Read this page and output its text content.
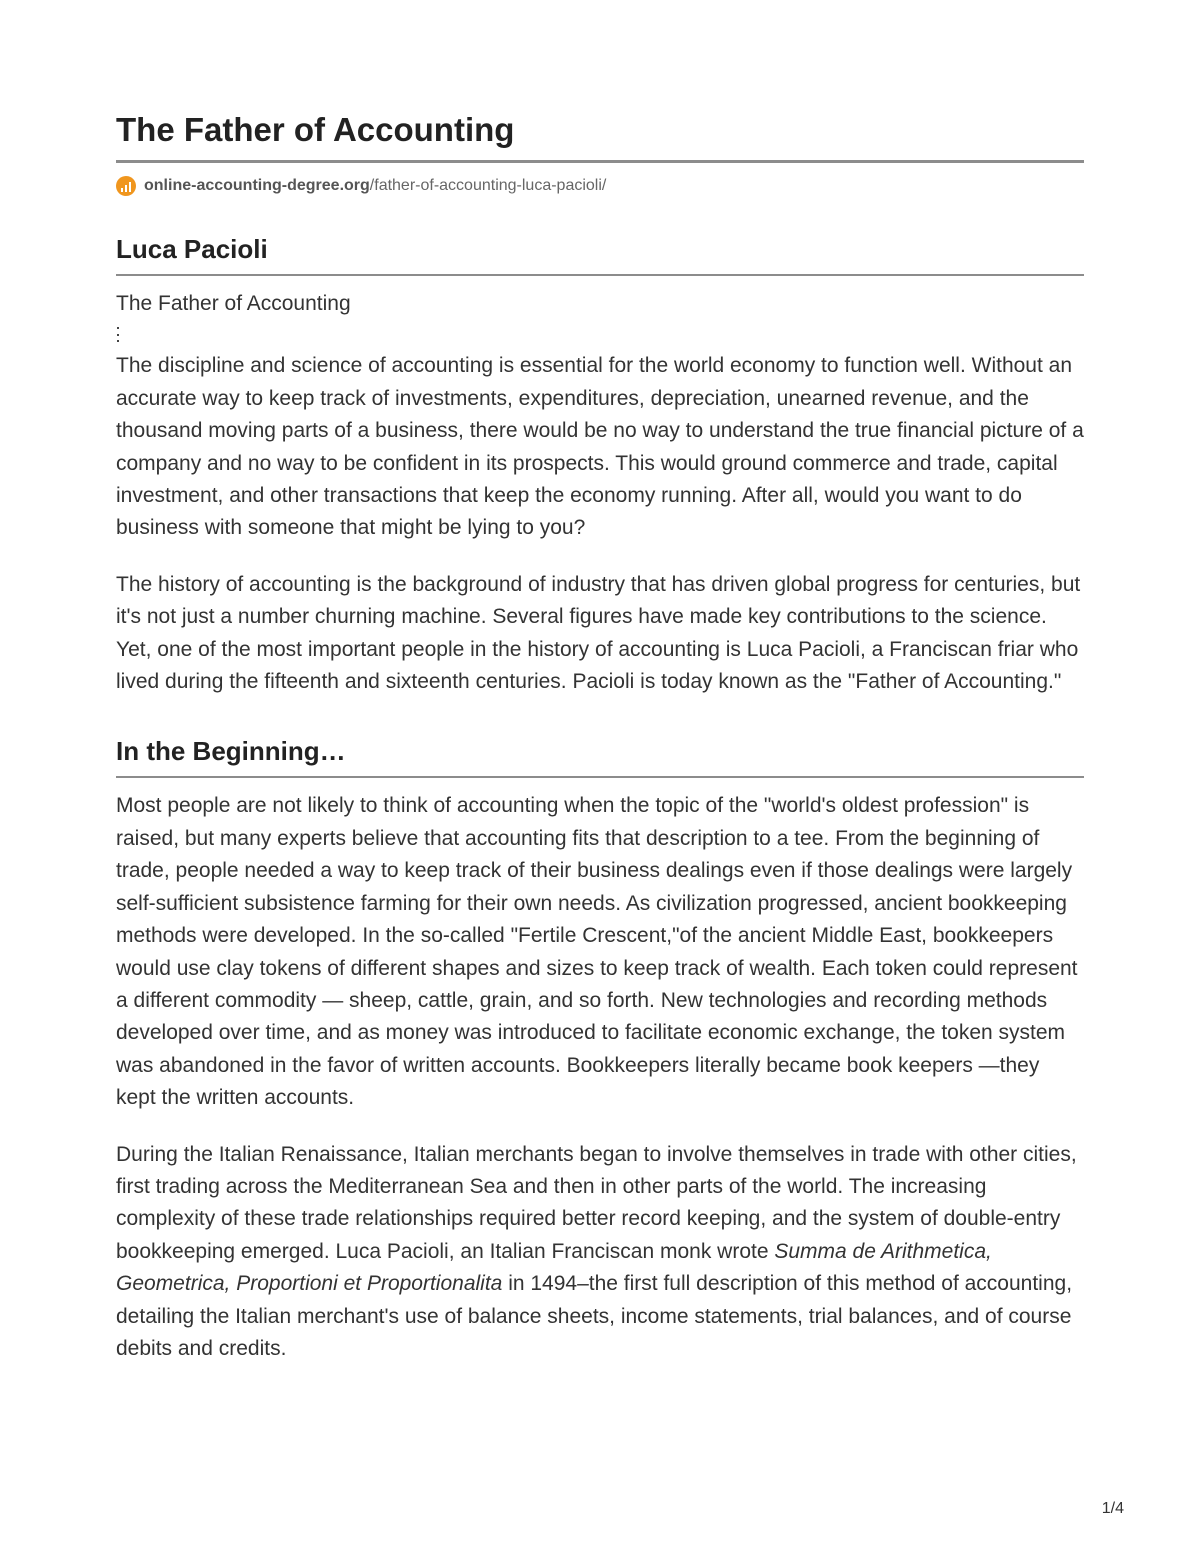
The Father of Accounting
online-accounting-degree.org /father-of-accounting-luca-pacioli/
Luca Pacioli

The Father of Accounting

The discipline and science of accounting is essential for the world economy to function well. Without an accurate way to keep track of investments, expenditures, depreciation, unearned revenue, and the thousand moving parts of a business, there would be no way to understand the true financial picture of a company and no way to be confident in its prospects. This would ground commerce and trade, capital investment, and other transactions that keep the economy running. After all, would you want to do business with someone that might be lying to you?

The history of accounting is the background of industry that has driven global progress for centuries, but it's not just a number churning machine. Several figures have made key contributions to the science. Yet, one of the most important people in the history of accounting is Luca Pacioli, a Franciscan friar who lived during the fifteenth and sixteenth centuries. Pacioli is today known as the "Father of Accounting."

In the Beginning…

Most people are not likely to think of accounting when the topic of the "world's oldest profession" is raised, but many experts believe that accounting fits that description to a tee. From the beginning of trade, people needed a way to keep track of their business dealings even if those dealings were largely self-sufficient subsistence farming for their own needs. As civilization progressed, ancient bookkeeping methods were developed. In the so-called "Fertile Crescent,"of the ancient Middle East, bookkeepers would use clay tokens of different shapes and sizes to keep track of wealth. Each token could represent a different commodity — sheep, cattle, grain, and so forth. New technologies and recording methods developed over time, and as money was introduced to facilitate economic exchange, the token system was abandoned in the favor of written accounts. Bookkeepers literally became book keepers —they kept the written accounts.

During the Italian Renaissance, Italian merchants began to involve themselves in trade with other cities, first trading across the Mediterranean Sea and then in other parts of the world. The increasing complexity of these trade relationships required better record keeping, and the system of double-entry bookkeeping emerged. Luca Pacioli, an Italian Franciscan monk wrote Summa de Arithmetica, Geometrica, Proportioni et Proportionalita in 1494–the first full description of this method of accounting, detailing the Italian merchant's use of balance sheets, income statements, trial balances, and of course debits and credits.

1/4
